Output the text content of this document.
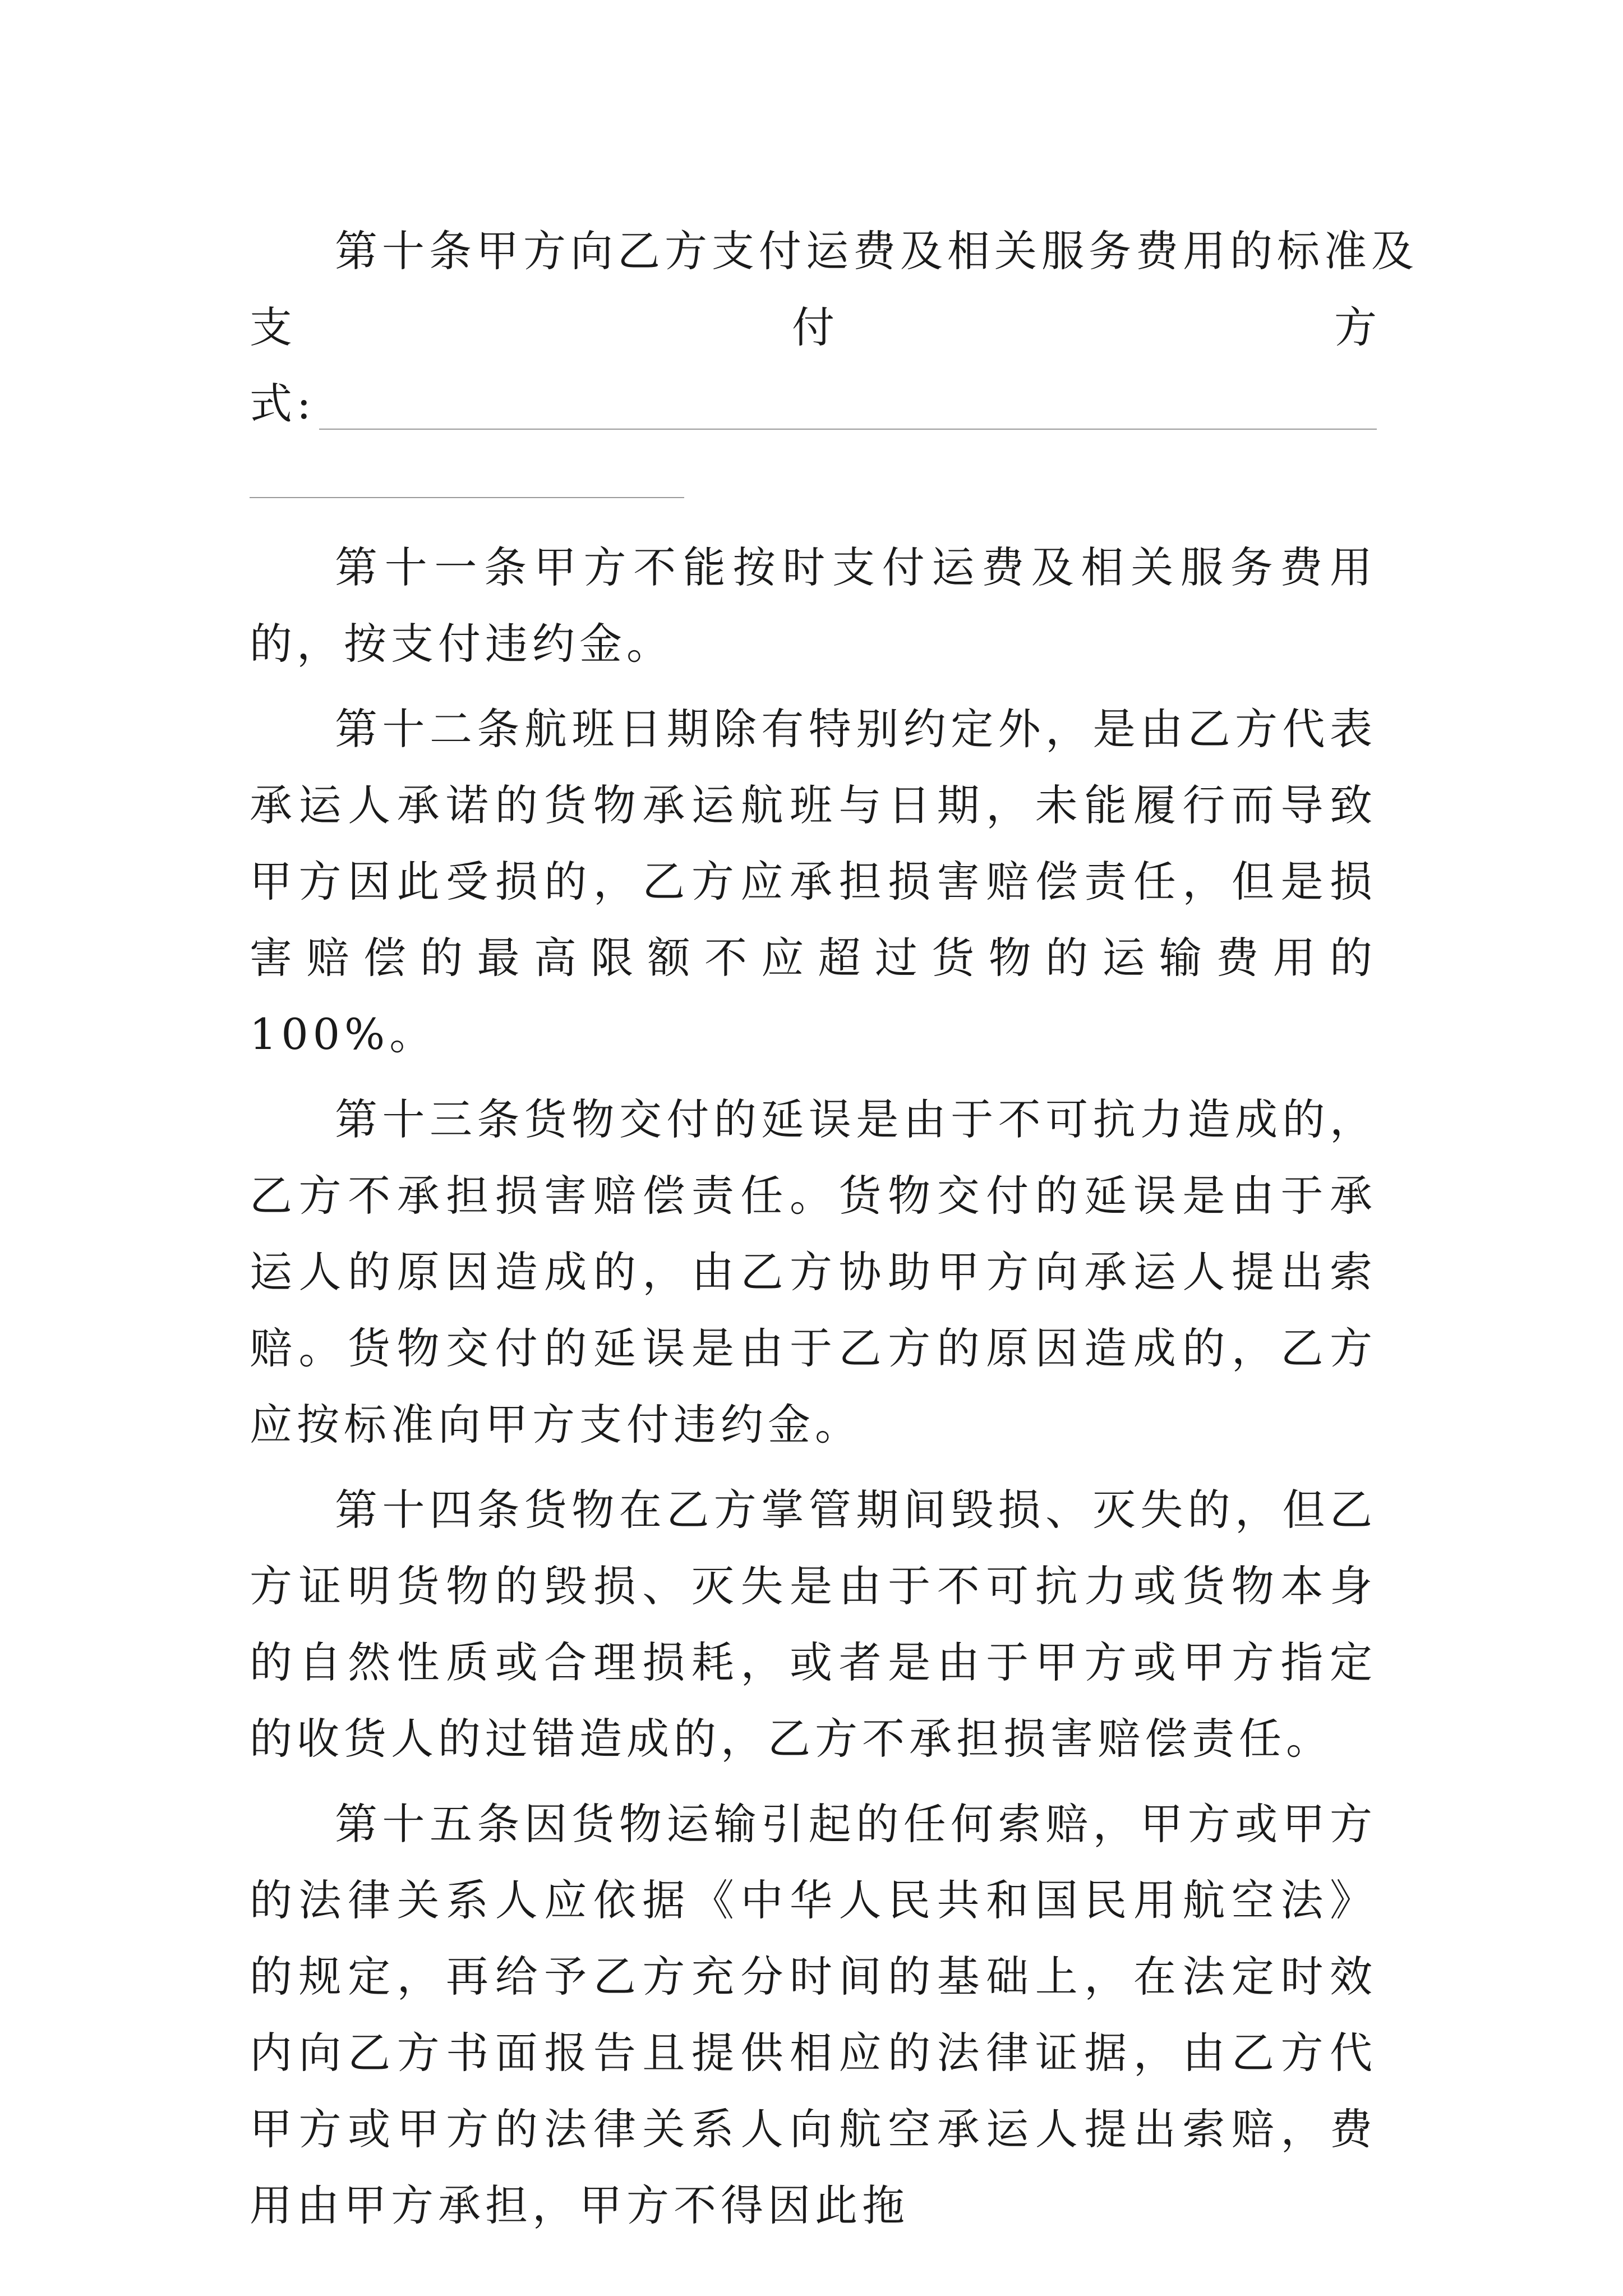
第十条甲方向乙方支付运费及相关服务费用的标准及
支	付	方
式:

第十一条甲方不能按时支付运费及相关服务费用的，按支付违约金。

第十二条航班日期除有特别约定外，是由乙方代表承运人承诺的货物承运航班与日期，未能履行而导致甲方因此受损的，乙方应承担损害赔偿责任，但是损害赔偿的最高限额不应超过货物的运输费用的100%。

第十三条货物交付的延误是由于不可抗力造成的，乙方不承担损害赔偿责任。货物交付的延误是由于承运人的原因造成的，由乙方协助甲方向承运人提出索赔。货物交付的延误是由于乙方的原因造成的，乙方应按标准向甲方支付违约金。

第十四条货物在乙方掌管期间毁损、灭失的，但乙方证明货物的毁损、灭失是由于不可抗力或货物本身的自然性质或合理损耗，或者是由于甲方或甲方指定的收货人的过错造成的，乙方不承担损害赔偿责任。

第十五条因货物运输引起的任何索赔，甲方或甲方的法律关系人应依据《中华人民共和国民用航空法》的规定，再给予乙方充分时间的基础上，在法定时效内向乙方书面报告且提供相应的法律证据，由乙方代甲方或甲方的法律关系人向航空承运人提出索赔，费用由甲方承担，甲方不得因此拖
